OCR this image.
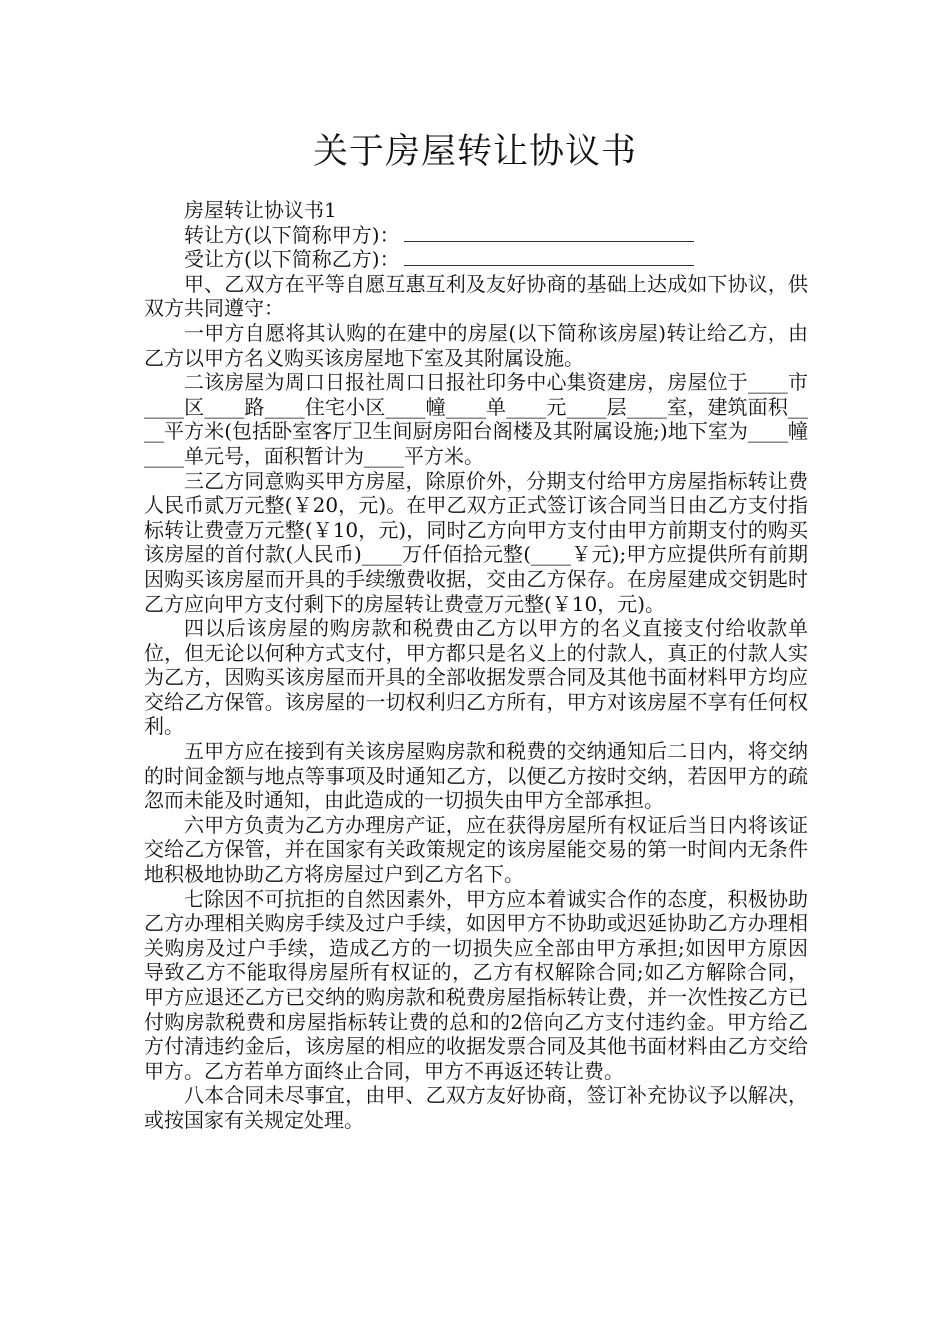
关于房屋转让协议书

房屋转让协议书1

转让方(以下简称甲方)：

受让方(以下简称乙方)：

甲、乙双方在平等自愿互惠互利及友好协商的基础上达成如下协议，供双方共同遵守：

一甲方自愿将其认购的在建中的房屋(以下简称该房屋)转让给乙方，由乙方以甲方名义购买该房屋地下室及其附属设施。

二该房屋为周口日报社周口日报社印务中心集资建房，房屋位于____市____区____路____住宅小区____幢____单____元____层____室，建筑面积____平方米(包括卧室客厅卫生间厨房阳台阁楼及其附属设施;)地下室为____幢____单元号，面积暂计为____平方米。

三乙方同意购买甲方房屋，除原价外，分期支付给甲方房屋指标转让费人民币贰万元整(￥20，元)。在甲乙双方正式签订该合同当日由乙方支付指标转让费壹万元整(￥10，元)，同时乙方向甲方支付由甲方前期支付的购买该房屋的首付款(人民币)____万仟佰拾元整(____￥元);甲方应提供所有前期因购买该房屋而开具的手续缴费收据，交由乙方保存。在房屋建成交钥匙时乙方应向甲方支付剩下的房屋转让费壹万元整(￥10，元)。

四以后该房屋的购房款和税费由乙方以甲方的名义直接支付给收款单位，但无论以何种方式支付，甲方都只是名义上的付款人，真正的付款人实为乙方，因购买该房屋而开具的全部收据发票合同及其他书面材料甲方均应交给乙方保管。该房屋的一切权利归乙方所有，甲方对该房屋不享有任何权利。

五甲方应在接到有关该房屋购房款和税费的交纳通知后二日内，将交纳的时间金额与地点等事项及时通知乙方，以便乙方按时交纳，若因甲方的疏忽而未能及时通知，由此造成的一切损失由甲方全部承担。

六甲方负责为乙方办理房产证，应在获得房屋所有权证后当日内将该证交给乙方保管，并在国家有关政策规定的该房屋能交易的第一时间内无条件地积极地协助乙方将房屋过户到乙方名下。

七除因不可抗拒的自然因素外，甲方应本着诚实合作的态度，积极协助乙方办理相关购房手续及过户手续，如因甲方不协助或迟延协助乙方办理相关购房及过户手续，造成乙方的一切损失应全部由甲方承担;如因甲方原因导致乙方不能取得房屋所有权证的，乙方有权解除合同;如乙方解除合同，甲方应退还乙方已交纳的购房款和税费房屋指标转让费，并一次性按乙方已付购房款税费和房屋指标转让费的总和的2倍向乙方支付违约金。甲方给乙方付清违约金后，该房屋的相应的收据发票合同及其他书面材料由乙方交给甲方。乙方若单方面终止合同，甲方不再返还转让费。

八本合同未尽事宜，由甲、乙双方友好协商，签订补充协议予以解决，或按国家有关规定处理。
